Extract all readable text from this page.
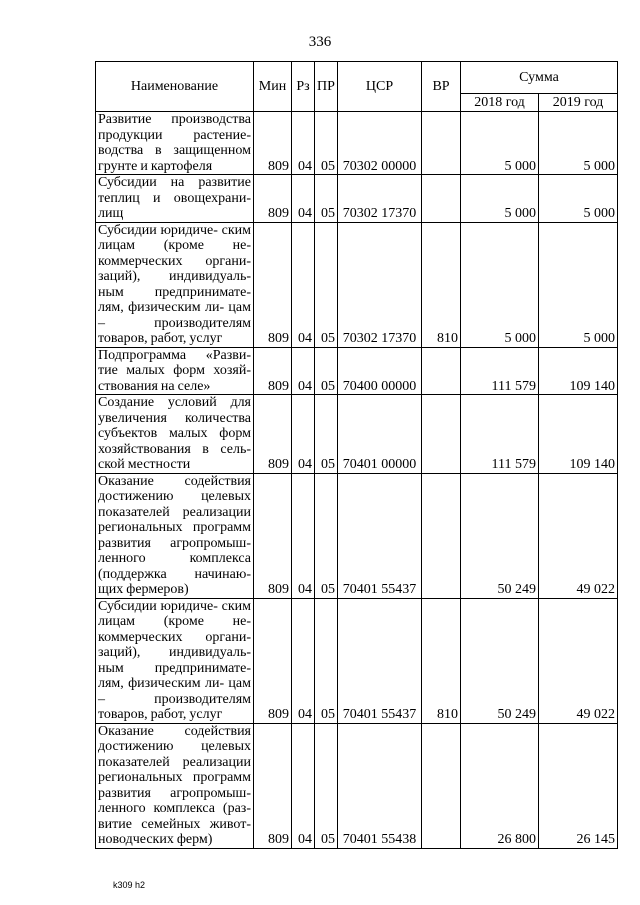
336
Наименование	Мин	Рз	ПР	ЦСР	ВР	Сумма	
						2018 год	2019 год
Развитие производства продукции растение- водства в защищенном грунте и картофеля	809	04	05	70302 00000		5 000	5 000
Субсидии на развитие теплиц и овощехрани- лищ	809	04	05	70302 17370		5 000	5 000
Субсидии юридиче- ским лицам (кроме не- коммерческих органи- заций), индивидуаль- ным предпринимате- лям, физическим ли- цам – производителям товаров, работ, услуг	809	04	05	70302 17370	810	5 000	5 000
Подпрограмма «Разви- тие малых форм хозяй- ствования на селе»	809	04	05	70400 00000		111 579	109 140
Создание условий для увеличения количества субъектов малых форм хозяйствования в сель- ской местности	809	04	05	70401 00000		111 579	109 140
Оказание содействия достижению целевых показателей реализации региональных программ развития агропромыш- ленного комплекса (поддержка начинаю- щих фермеров)	809	04	05	70401 55437		50 249	49 022
Субсидии юридиче- ским лицам (кроме не- коммерческих органи- заций), индивидуаль- ным предпринимате- лям, физическим ли- цам – производителям товаров, работ, услуг	809	04	05	70401 55437	810	50 249	49 022
Оказание содействия достижению целевых показателей реализации региональных программ развития агропромыш- ленного комплекса (раз- витие семейных живот- новодческих ферм)	809	04	05	70401 55438		26 800	26 145
k309 h2
